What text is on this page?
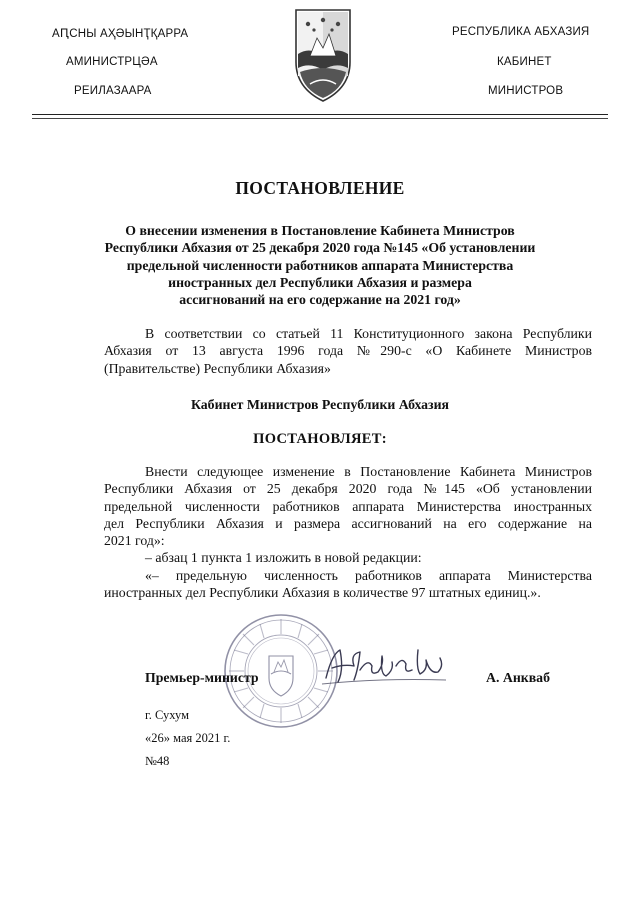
АԤСНЫ АҲӘЫНҬҚАРРА
АМИНИСТРЦӘА
РЕИЛАЗААРА
РЕСПУБЛИКА АБХАЗИЯ
КАБИНЕТ
МИНИСТРОВ
ПОСТАНОВЛЕНИЕ
О внесении изменения в Постановление Кабинета Министров
Республики Абхазия от 25 декабря 2020 года №145 «Об установлении
предельной численности работников аппарата Министерства
иностранных дел Республики Абхазия и размера
ассигнований на его содержание на 2021 год»
В соответствии со статьей 11 Конституционного закона Республики
Абхазия от 13 августа 1996 года №290-с «О Кабинете Министров
(Правительстве) Республики Абхазия»
Кабинет Министров Республики Абхазия
ПОСТАНОВЛЯЕТ:
Внести следующее изменение в Постановление Кабинета Министров
Республики Абхазия от 25 декабря 2020 года №145 «Об установлении
предельной численности работников аппарата Министерства иностранных
дел Республики Абхазия и размера ассигнований на его содержание на
2021 год»:
– абзац 1 пункта 1 изложить в новой редакции:
«– предельную численность работников аппарата Министерства
иностранных дел Республики Абхазия в количестве 97 штатных единиц.».
Премьер-министр	А. Анкваб
г. Сухум
«26» мая 2021 г.
№48
